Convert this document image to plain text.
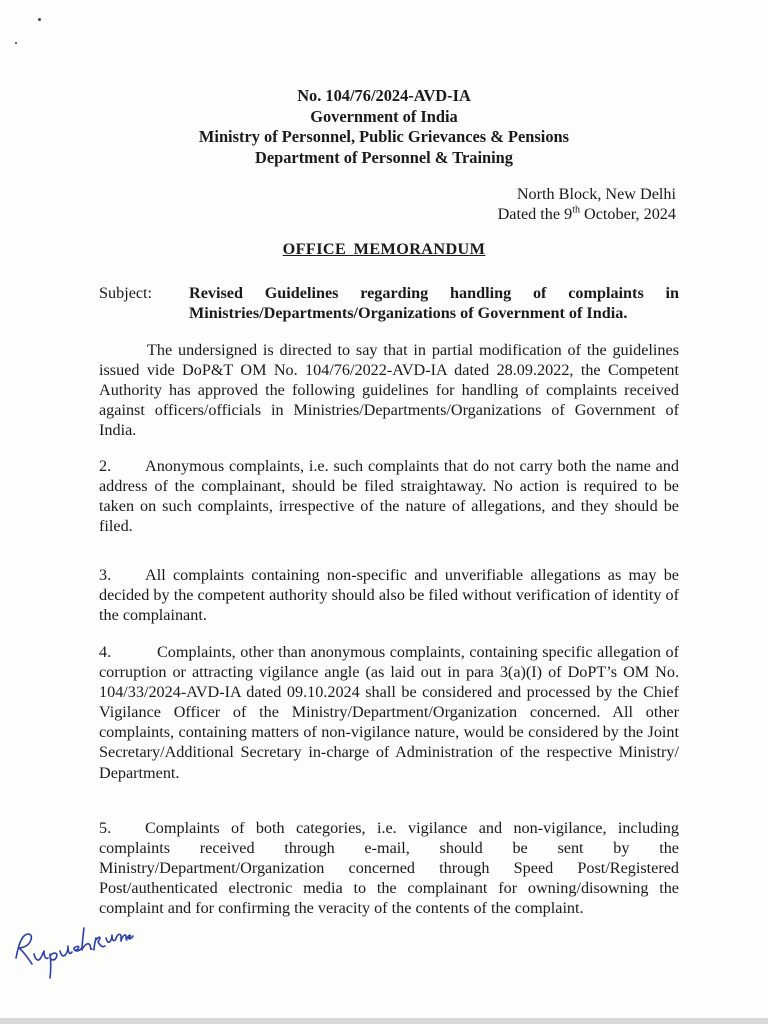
No. 104/76/2024-AVD-IA
Government of India
Ministry of Personnel, Public Grievances & Pensions
Department of Personnel & Training
North Block, New Delhi
Dated the 9th October, 2024
OFFICE MEMORANDUM
Subject: Revised Guidelines regarding handling of complaints in Ministries/Departments/Organizations of Government of India.
The undersigned is directed to say that in partial modification of the guidelines issued vide DoP&T OM No. 104/76/2022-AVD-IA dated 28.09.2022, the Competent Authority has approved the following guidelines for handling of complaints received against officers/officials in Ministries/Departments/Organizations of Government of India.
2. Anonymous complaints, i.e. such complaints that do not carry both the name and address of the complainant, should be filed straightaway. No action is required to be taken on such complaints, irrespective of the nature of allegations, and they should be filed.
3. All complaints containing non-specific and unverifiable allegations as may be decided by the competent authority should also be filed without verification of identity of the complainant.
4.	Complaints, other than anonymous complaints, containing specific allegation of corruption or attracting vigilance angle (as laid out in para 3(a)(I) of DoPT’s OM No. 104/33/2024-AVD-IA dated 09.10.2024 shall be considered and processed by the Chief Vigilance Officer of the Ministry/Department/Organization concerned. All other complaints, containing matters of non-vigilance nature, would be considered by the Joint Secretary/Additional Secretary in-charge of Administration of the respective Ministry/ Department.
5. Complaints of both categories, i.e. vigilance and non-vigilance, including complaints received through e-mail, should be sent by the Ministry/Department/Organization concerned through Speed Post/Registered Post/authenticated electronic media to the complainant for owning/disowning the complaint and for confirming the veracity of the contents of the complaint.
